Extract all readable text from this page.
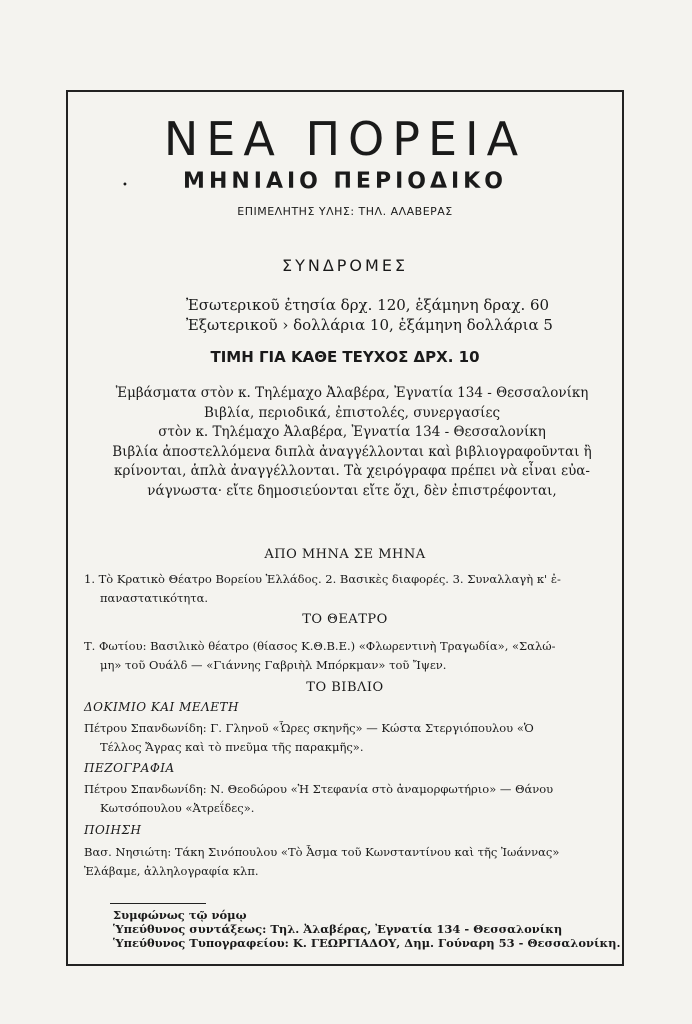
•
ΝΕΑ ΠΟΡΕΙΑ
ΜΗΝΙΑΙΟ ΠΕΡΙΟΔΙΚΟ
ΕΠΙΜΕΛΗΤΗΣ ΥΛΗΣ: ΤΗΛ. ΑΛΑΒΕΡΑΣ
ΣΥΝΔΡΟΜΕΣ
Ἐσωτερικοῦ ἐτησία δρχ. 120, ἑξάμηνη δραχ. 60
Ἐξωτερικοῦ › δολλάρια 10, ἑξάμηνη δολλάρια 5
ΤΙΜΗ ΓΙΑ ΚΑΘΕ ΤΕΥΧΟΣ ΔΡΧ. 10
Ἐμβάσματα στὸν κ. Τηλέμαχο Ἀλαβέρα, Ἐγνατία 134 - Θεσσαλονίκη
Βιβλία, περιοδικά, ἐπιστολές, συνεργασίες
στὸν κ. Τηλέμαχο Ἀλαβέρα, Ἐγνατία 134 - Θεσσαλονίκη
Βιβλία ἀποστελλόμενα διπλὰ ἀναγγέλλονται καὶ βιβλιογραφοῦνται ἢ
κρίνονται, ἁπλὰ ἀναγγέλλονται. Τὰ χειρόγραφα πρέπει νὰ εἶναι εὐα-
νάγνωστα· εἴτε δημοσιεύονται εἴτε ὄχι, δὲν ἐπιστρέφονται,
ΑΠΟ ΜΗΝΑ ΣΕ ΜΗΝΑ
1. Τὸ Κρατικὸ Θέατρο Βορείου Ἑλλάδος. 2. Βασικὲς διαφορές. 3. Συναλλαγὴ κ' ἐ-
παναστατικότητα.
ΤΟ ΘΕΑΤΡΟ
Τ. Φωτίου: Βασιλικὸ θέατρο (θίασος Κ.Θ.Β.Ε.) «Φλωρεντινὴ Τραγωδία», «Σαλώ-
μη» τοῦ Ουάλδ — «Γιάννης Γαβριὴλ Μπόρκμαν» τοῦ Ἴψεν.
ΤΟ ΒΙΒΛΙΟ
ΔΟΚΙΜΙΟ ΚΑΙ ΜΕΛΕΤΗ
Πέτρου Σπανδωνίδη: Γ. Γληνοῦ «Ὧρες σκηνῆς» — Κώστα Στεργιόπουλου «Ὁ
Τέλλος Ἄγρας καὶ τὸ πνεῦμα τῆς παρακμῆς».
ΠΕΖΟΓΡΑΦΙΑ
Πέτρου Σπανδωνίδη: Ν. Θεοδώρου «Ἡ Στεφανία στὸ ἀναμορφωτήριο» — Θάνου
Κωτσόπουλου «Ἀτρεΐδες».
ΠΟΙΗΣΗ
Βασ. Νησιώτη: Τάκη Σινόπουλου «Τὸ Ἆσμα τοῦ Κωνσταντίνου καὶ τῆς Ἰωάννας»
Ἐλάβαμε, ἀλληλογραφία κλπ.
Συμφώνως τῷ νόμῳ
Ὑπεύθυνος συντάξεως: Τηλ. Ἀλαβέρας, Ἐγνατία 134 - Θεσσαλονίκη
Ὑπεύθυνος Τυπογραφείου: Κ. ΓΕΩΡΓΙΑΔΟΥ, Δημ. Γούναρη 53 - Θεσσαλονίκη.
